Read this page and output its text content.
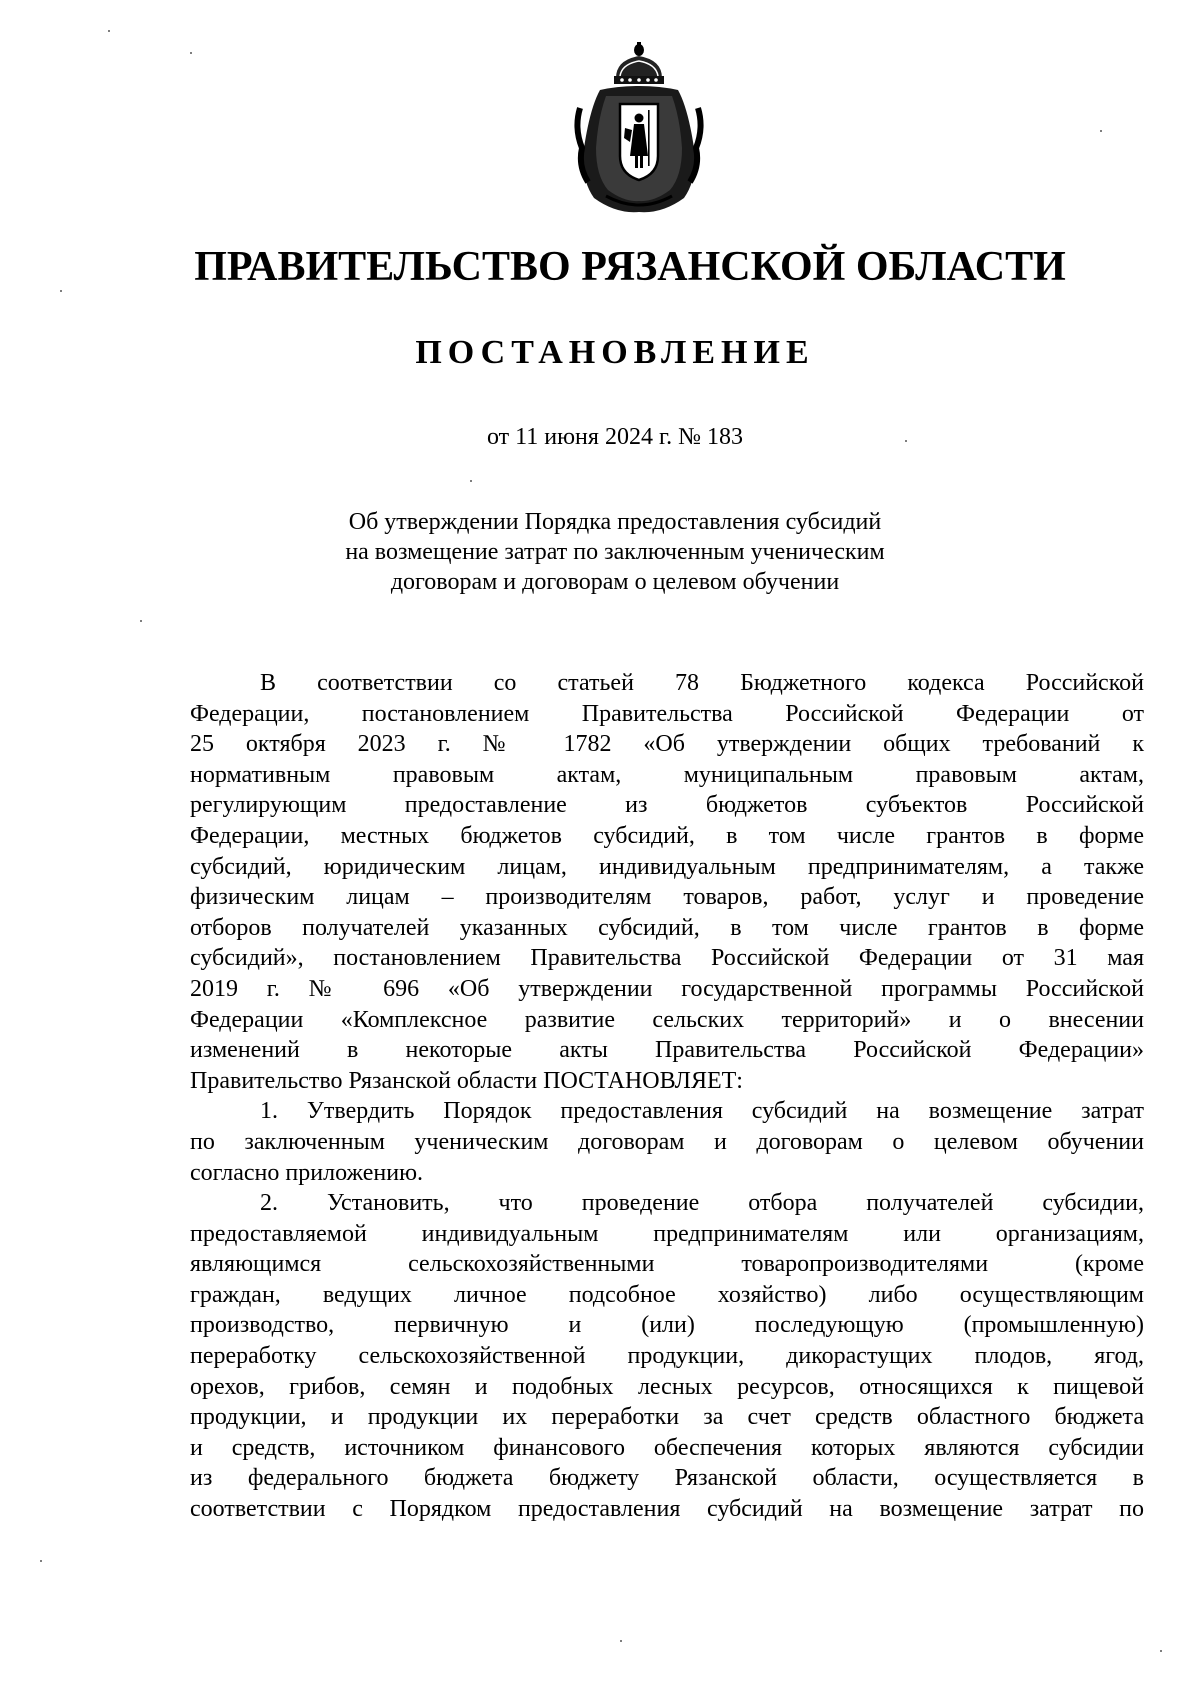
ПРАВИТЕЛЬСТВО РЯЗАНСКОЙ ОБЛАСТИ
ПОСТАНОВЛЕНИЕ
от 11 июня 2024 г. № 183
Об утверждении Порядка предоставления субсидий
на возмещение затрат по заключенным ученическим
договорам и договорам о целевом обучении
В соответствии со статьей 78 Бюджетного кодекса Российской
Федерации, постановлением Правительства Российской Федерации от
25 октября 2023 г. № 1782 «Об утверждении общих требований к
нормативным правовым актам, муниципальным правовым актам,
регулирующим предоставление из бюджетов субъектов Российской
Федерации, местных бюджетов субсидий, в том числе грантов в форме
субсидий, юридическим лицам, индивидуальным предпринимателям, а также
физическим лицам – производителям товаров, работ, услуг и проведение
отборов получателей указанных субсидий, в том числе грантов в форме
субсидий», постановлением Правительства Российской Федерации от 31 мая
2019 г. № 696 «Об утверждении государственной программы Российской
Федерации «Комплексное развитие сельских территорий» и о внесении
изменений в некоторые акты Правительства Российской Федерации»
Правительство Рязанской области ПОСТАНОВЛЯЕТ:
1. Утвердить Порядок предоставления субсидий на возмещение затрат
по заключенным ученическим договорам и договорам о целевом обучении
согласно приложению.
2. Установить, что проведение отбора получателей субсидии,
предоставляемой индивидуальным предпринимателям или организациям,
являющимся сельскохозяйственными товаропроизводителями (кроме
граждан, ведущих личное подсобное хозяйство) либо осуществляющим
производство, первичную и (или) последующую (промышленную)
переработку сельскохозяйственной продукции, дикорастущих плодов, ягод,
орехов, грибов, семян и подобных лесных ресурсов, относящихся к пищевой
продукции, и продукции их переработки за счет средств областного бюджета
и средств, источником финансового обеспечения которых являются субсидии
из федерального бюджета бюджету Рязанской области, осуществляется в
соответствии с Порядком предоставления субсидий на возмещение затрат по
